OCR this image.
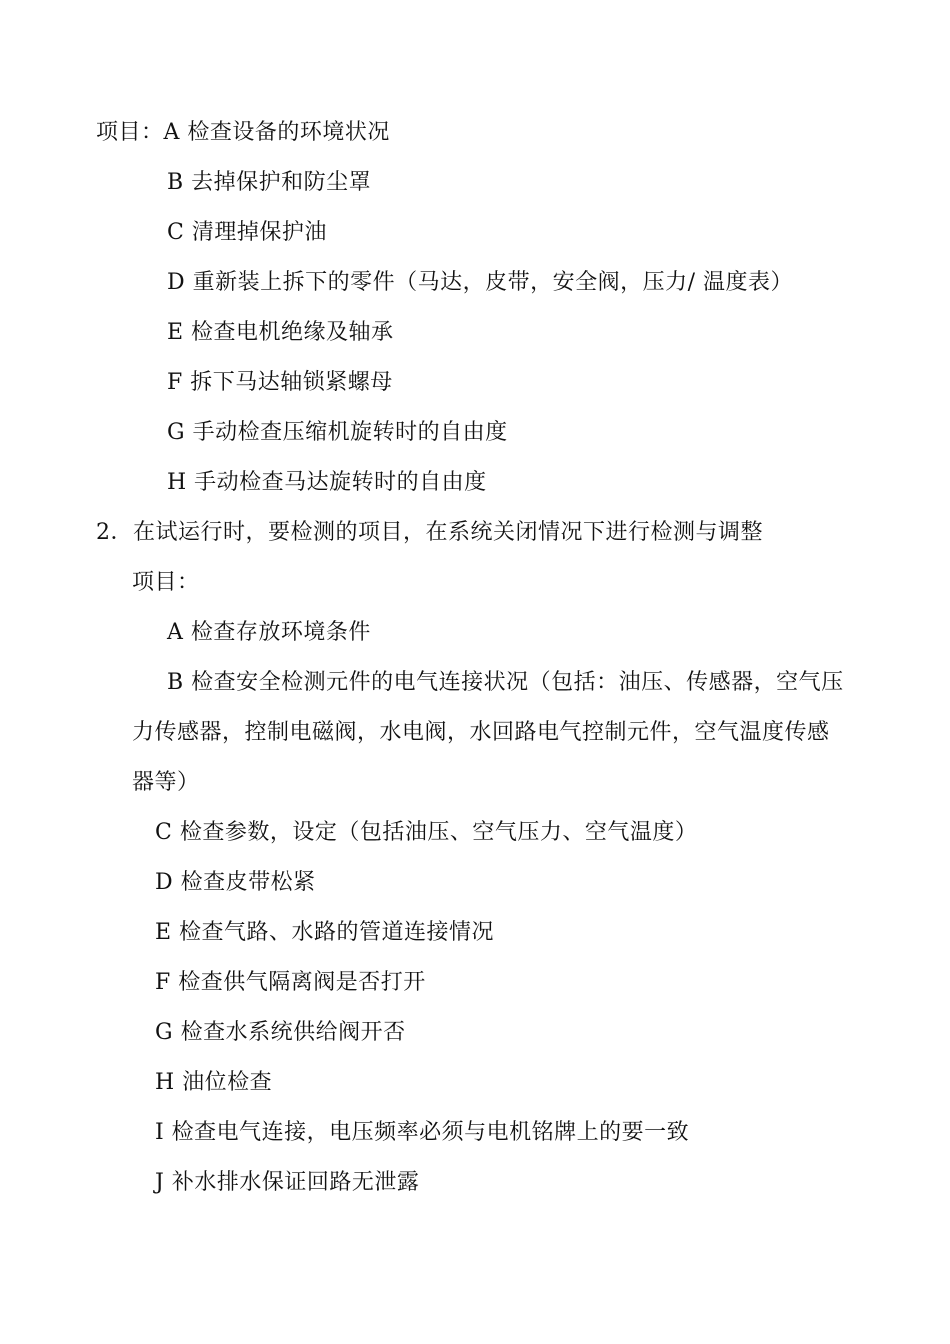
项目：A 检查设备的环境状况
B 去掉保护和防尘罩
C 清理掉保护油
D 重新装上拆下的零件（马达，皮带，安全阀，压力/ 温度表）
E 检查电机绝缘及轴承
F 拆下马达轴锁紧螺母
G 手动检查压缩机旋转时的自由度
H 手动检查马达旋转时的自由度
2．在试运行时，要检测的项目，在系统关闭情况下进行检测与调整
项目：
A 检查存放环境条件
B 检查安全检测元件的电气连接状况（包括：油压、传感器，空气压
力传感器，控制电磁阀，水电阀，水回路电气控制元件，空气温度传感
器等）
C 检查参数，设定（包括油压、空气压力、空气温度）
D 检查皮带松紧
E 检查气路、水路的管道连接情况
F 检查供气隔离阀是否打开
G 检查水系统供给阀开否
H 油位检查
I 检查电气连接，电压频率必须与电机铭牌上的要一致
J 补水排水保证回路无泄露
